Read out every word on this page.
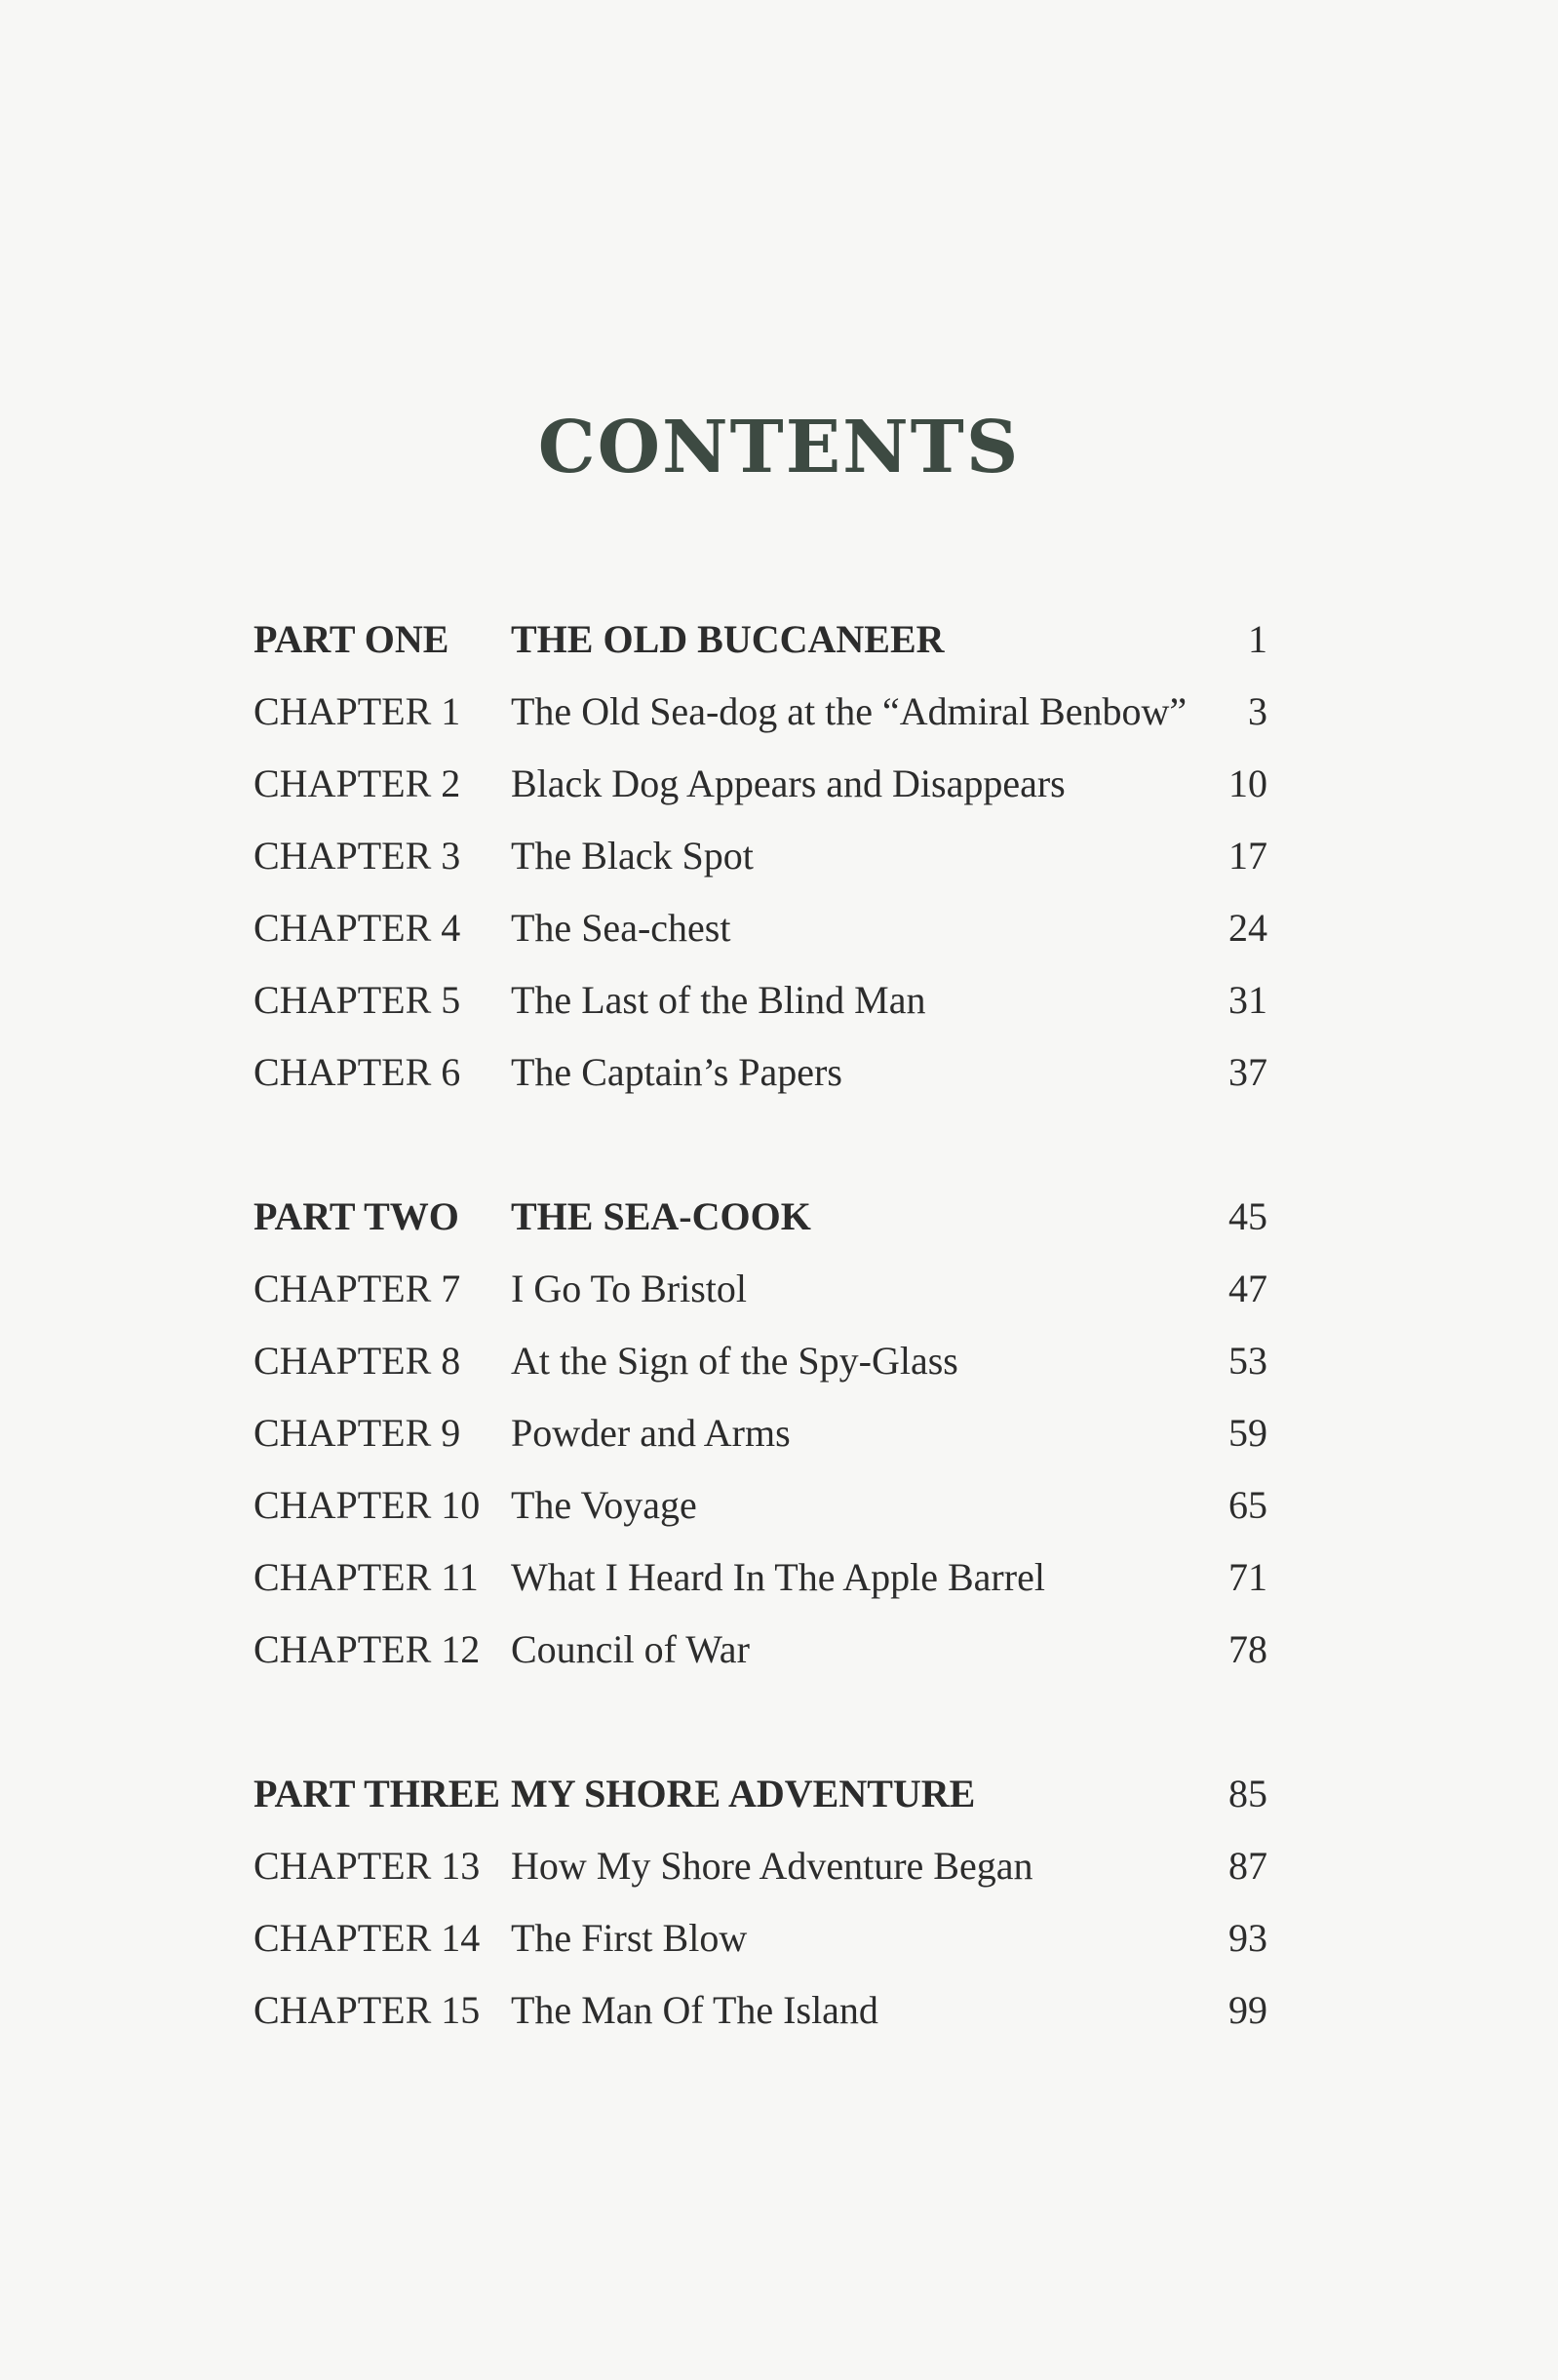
CONTENTS
PART ONE THE OLD BUCCANEER	1
CHAPTER 1 The Old Sea-dog at the “Admiral Benbow” 3
CHAPTER 2 Black Dog Appears and Disappears	10
CHAPTER 3 The Black Spot	17
CHAPTER 4 The Sea-chest	24
CHAPTER 5 The Last of the Blind Man	31
CHAPTER 6 The Captain’s Papers	37
PART TWO THE SEA-COOK	45
CHAPTER 7 I Go To Bristol	47
CHAPTER 8 At the Sign of the Spy-Glass	53
CHAPTER 9 Powder and Arms	59
CHAPTER 10 The Voyage	65
CHAPTER 11 What I Heard In The Apple Barrel	71
CHAPTER 12 Council of War	78
PART THREE MY SHORE ADVENTURE	85
CHAPTER 13 How My Shore Adventure Began	87
CHAPTER 14 The First Blow	93
CHAPTER 15 The Man Of The Island	99
